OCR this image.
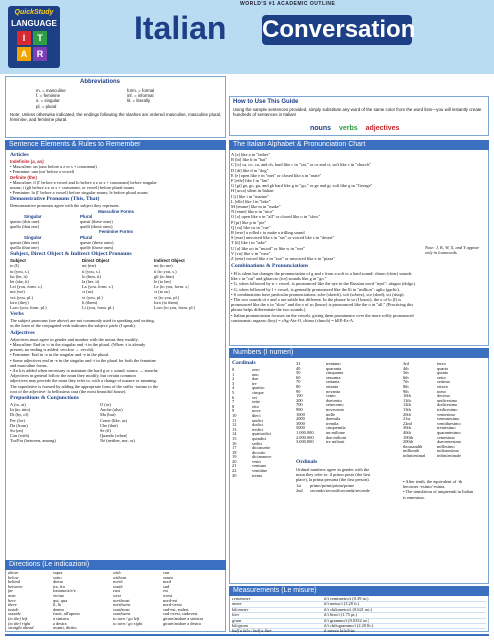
WORLD'S #1 ACADEMIC OUTLINE
QuickStudy
LANGUAGE
I	T
A	R
Italian Conversation
Abbreviations
m. = masculine
f. = feminine
s. = singular
pl. = plural
form. = formal
inf. = informal
lit. = literally
Note: Unless otherwise indicated, the endings following the slashes are ordered masculine, masculine plural, feminine, and feminine plural.
How to Use This Guide
Using the sample sentences provided, simply substitute any word of the same color from the word lists—you will instantly create hundreds of sentences in Italian!
nouns verbs adjectives
Sentence Elements & Rules to Remember
Articles
Indefinite (a, an)
• Masculine: un (uno before a z or s + consonant)
• Feminine: una (un' before a vowel)
Definite (the)
• Masculine: il (l' before a vowel and lo before a z or s + consonant) before singular
nouns; i (gli before a z or s + consonant, or vowel) before plural nouns
• Feminine: la (l' before a vowel) before singular nouns; le before plural nouns
Demonstrative Pronouns (This, That)
Demonstrative pronouns agree with the subject they represent.
Masculine Forms
Singular	Plural
questo (this one)	questi (these ones)
quello (that one)	quelli (those ones)
Feminine Forms
Singular	Plural
questa (this one)	queste (these ones)
quella (that one)	quelle (those ones)
Subject, Direct Object & Indirect Object Pronouns
Subject	Direct Object	Indirect Object
io (I)	mi (me)	mi (to me)
tu (you, s.)	ti (you, s.)	ti (to you, s.)
lui (he, it)	lo (him, it)	gli (to him)
lei (she, it)	la (her, it)	le (to her)
Lei (you, form. s.)	La (you, form. s.)	Le (to you, form. s.)
noi (we)	ci (us)	ci (to us)
voi (you, pl.)	vi (you, pl.)	vi (to you, pl.)
loro (they)	li (them)	loro (to them)
Loro (you, form. pl.)	Li (you, form. pl.)	Loro (to you, form. pl.)
Verbs
The subject pronouns (see above) are not commonly used in speaking and writing,
as the form of the conjugated verb indicates the subject: parlo (I speak).
Adjectives
Adjectives must agree in gender and number with the nouns they modify.
• Masculine: End in -o in the singular and -i in the plural. (When -i is already
present, no ending is added: vecchio → vecchi).
• Feminine: End in -a in the singular and -e in the plural.
• Some adjectives end in -e in the singular and -i in the plural for both the feminine
and masculine forms.
• An h is added when necessary to maintain the hard g or c sound: stanco → stanche.
Adjectives in general follow the noun they modify, but certain common
adjectives may precede the noun they refer to, with a change of nuance or meaning.
The superlative is formed by adding the appropriate form of the suffix -issimo to the
root of the adjective: la bellissima casa (the most beautiful house).
Prepositions & Conjunctions
A (to, at)	O (or)
In (in, into)	Anche (also)
Di (by, of)	Ma (but)
Per (for)	Come (like, as)
Da (from)	Che (that)
Su (on)	Se (if)
Con (with)	Quando (when)
Tra/Fra (between, among)	Né (neither, nor, or)
The Italian Alphabet & Pronunciation Chart
A [a] like a in "father"
B [bi] like b in "bat"
C [ci] ca, co, cu, and ch, hard like c in "cat," or ce and ci, soft like c in "church"
D [di] like d in "dog"
E [e] open like e in "met" or closed like a in "mate"
F [effe] like f in "fan"
G [gi] ga, go, gu, and gh hard like g in "go," or ge and gi, soft like g in "George"
H [acca] silent in Italian
I [i] like i in "marine"
L [elle] like l in "lake"
M [emme] like m in "make"
N [enne] like n in "nice"
O [o] open like o in "all" or closed like o in "slow"
P [pi] like p in "pie"
Q [cu] like cu in "cue"
R [erre] a rolled r to make a trilling sound
S [esse] unvoiced like s in "set" or voiced like s in "desert"
T [ti] like t in "take"
U [u] like oo in "mood" or like w in "wet"
V [vu] like v in "vase"
Z [zeta] voiced like z in "zoo" or unvoiced like z in "pizza"
Note: J, K, W, X, and Y appear only in loanwords.
Combinations & Pronunciations
• H is silent but changes the pronunciation of g and c from a soft to a hard sound: chiaro (clear) sounds
like c in "cat" and ghiaccio (ice) sounds like g in "go."
• G, when followed by n + vowel, is pronounced like the nye in the Russian word "nyet": ufagno (dolgo).
• G, when followed by l + vowel, is generally pronounced like the lli in "million": aglio (garlic).
• S combinations have particular pronunciations: sche (sketch), scli (scherz), sce (shed), sci (shop).
• The two sounds of e and o are subtle but different. In the phrase lo so (I know), the o of lo (I) is
pronounced like the o in "slow" and the o of so (know) is pronounced like the o in "all." (Practicing this
phrase helps differentiate the two sounds.)
• Italian pronunciation focuses on the vowels, giving them prominence over the more softly pronounced
consonants: ragazzo (boy) = rAg-Atz-O, chiesa (church) = kEE-Ez-A.
Numbers (I numeri)
Cardinals
0	zero
1	uno
2	due
3	tre
4	quattro
5	cinque
6	sei
7	sette
8	otto
9	nove
10	dieci
11	undici
12	dodici
13	tredici
14	quattordici
15	quindici
16	sedici
17	diciassette
18	diciotto
19	diciannove
20	venti
21	ventuno
22	ventidue
30	trenta
31	trentuno
40	quaranta
50	cinquanta
60	sessanta
70	settanta
80	ottanta
90	novanta
100	cento
200	duecento
700	settecento
900	novecento
1000	mille
2000	duemila
3000	tremila
5000	cinquemila
1.000.000	un milione
2.000.000	due milioni
3.000.000	tre milioni
3rd	terzo
4th	quarto
5th	quinto
6th	sesto
7th	settimo
8th	ottavo
9th	nono
10th	decimo
11th	undicesimo
12th	dodicesimo
13th	tredicesimo
20th	ventesimo
21st	ventunesimo
22nd	ventiduesimo
30th	trentesimo
40th	quarantesimo
100th	centesimo
200th	duecentesimo
thousandth	millesimo
millionth	milionesimo
infinitesimal	infinitesimale
Ordinals
Ordinal numbers agree in gender with the
noun they refer to: il primo posto (the first
place), la prima persona (the first person).
1st primo/primi/prima/prime
2nd secondo/secondi/seconda/seconde
• After tenth, the equivalent of -th
becomes -esimo/-esima.
• The translation of umpteenth in Italian
is ennesimo.
Directions (Le indicazioni)
above	sopra	with	con
below	sotto	without	senza
behind	dietro	north	nord
between	tra, fra	south	sud
far	lontano/a/e/e	east	est
near	vicino	west	ovest
here	qui, qua	northeast	nord-est
there	lì, là	northwest	nord-ovest
inside	dentro	southeast	sud-est, sudest
outside	fuori, all'aperto	southwest	sud-ovest, sudovest
(to the) left	a sinistra	to turn / go left	girare/andare a sinistra
(to the) right	a destra	to turn / go right	girare/andare a destra
straight ahead	avanti, diritto
Measurements (Le misure)
centimeter	il/i centimetro/i (0.39 in.)
meter	il/i metro/i (3.28 ft.)
kilometer	il/i chilometro/i (0.621 mi.)
liter	il/i litro/i (1.75 pt.)
gram	il/i grammo/i (0.0352 oz.)
kilogram	il/i chilogrammo/i (2.20 lb.)
half a kilo / half a liter	il mezzo kilo/litro
